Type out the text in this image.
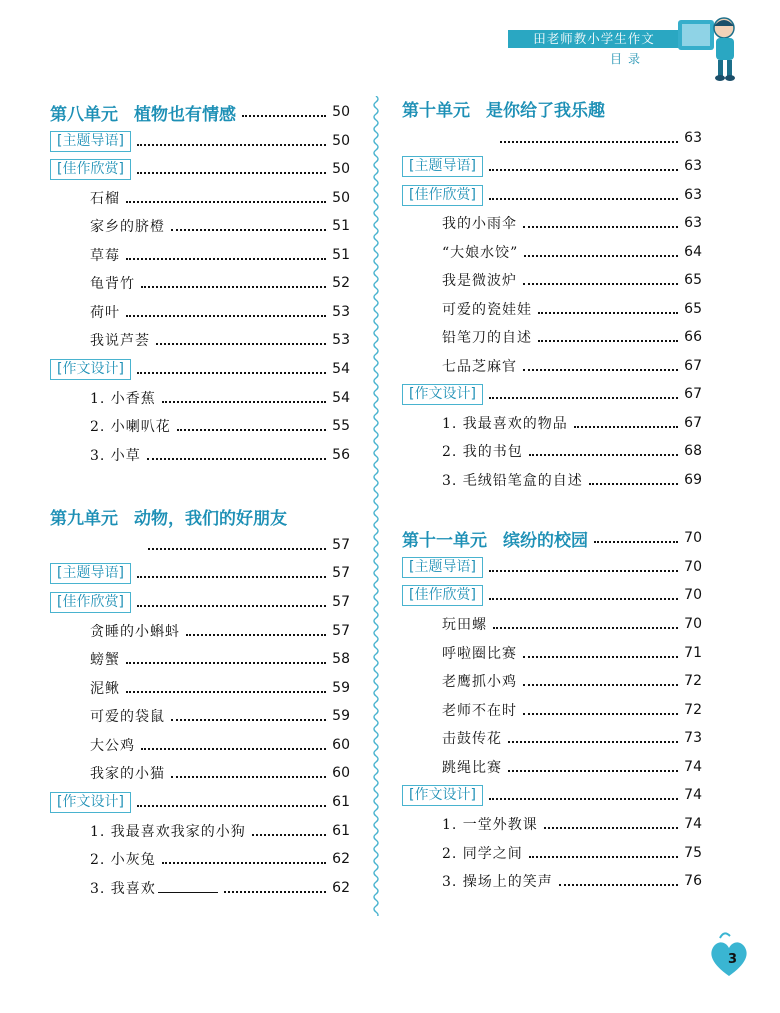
田老师教小学生作文
目录
第八单元 植物也有情感	50
[主题导语]	50
[佳作欣赏]	50
石榴	50
家乡的脐橙	51
草莓	51
龟背竹	52
荷叶	53
我说芦荟	53
[作文设计]	54
1. 小香蕉	54
2. 小喇叭花	55
3. 小草	56
第九单元 动物，我们的好朋友
57
[主题导语]	57
[佳作欣赏]	57
贪睡的小蝌蚪	57
螃蟹	58
泥鳅	59
可爱的袋鼠	59
大公鸡	60
我家的小猫	60
[作文设计]	61
1. 我最喜欢我家的小狗	61
2. 小灰兔	62
3. 我喜欢	62
第十单元 是你给了我乐趣
63
[主题导语]	63
[佳作欣赏]	63
我的小雨伞	63
“大娘水饺”	64
我是微波炉	65
可爱的瓷娃娃	65
铅笔刀的自述	66
七品芝麻官	67
[作文设计]	67
1. 我最喜欢的物品	67
2. 我的书包	68
3. 毛绒铅笔盒的自述	69
第十一单元 缤纷的校园	70
[主题导语]	70
[佳作欣赏]	70
玩田螺	70
呼啦圈比赛	71
老鹰抓小鸡	72
老师不在时	72
击鼓传花	73
跳绳比赛	74
[作文设计]	74
1. 一堂外教课	74
2. 同学之间	75
3. 操场上的笑声	76
3
